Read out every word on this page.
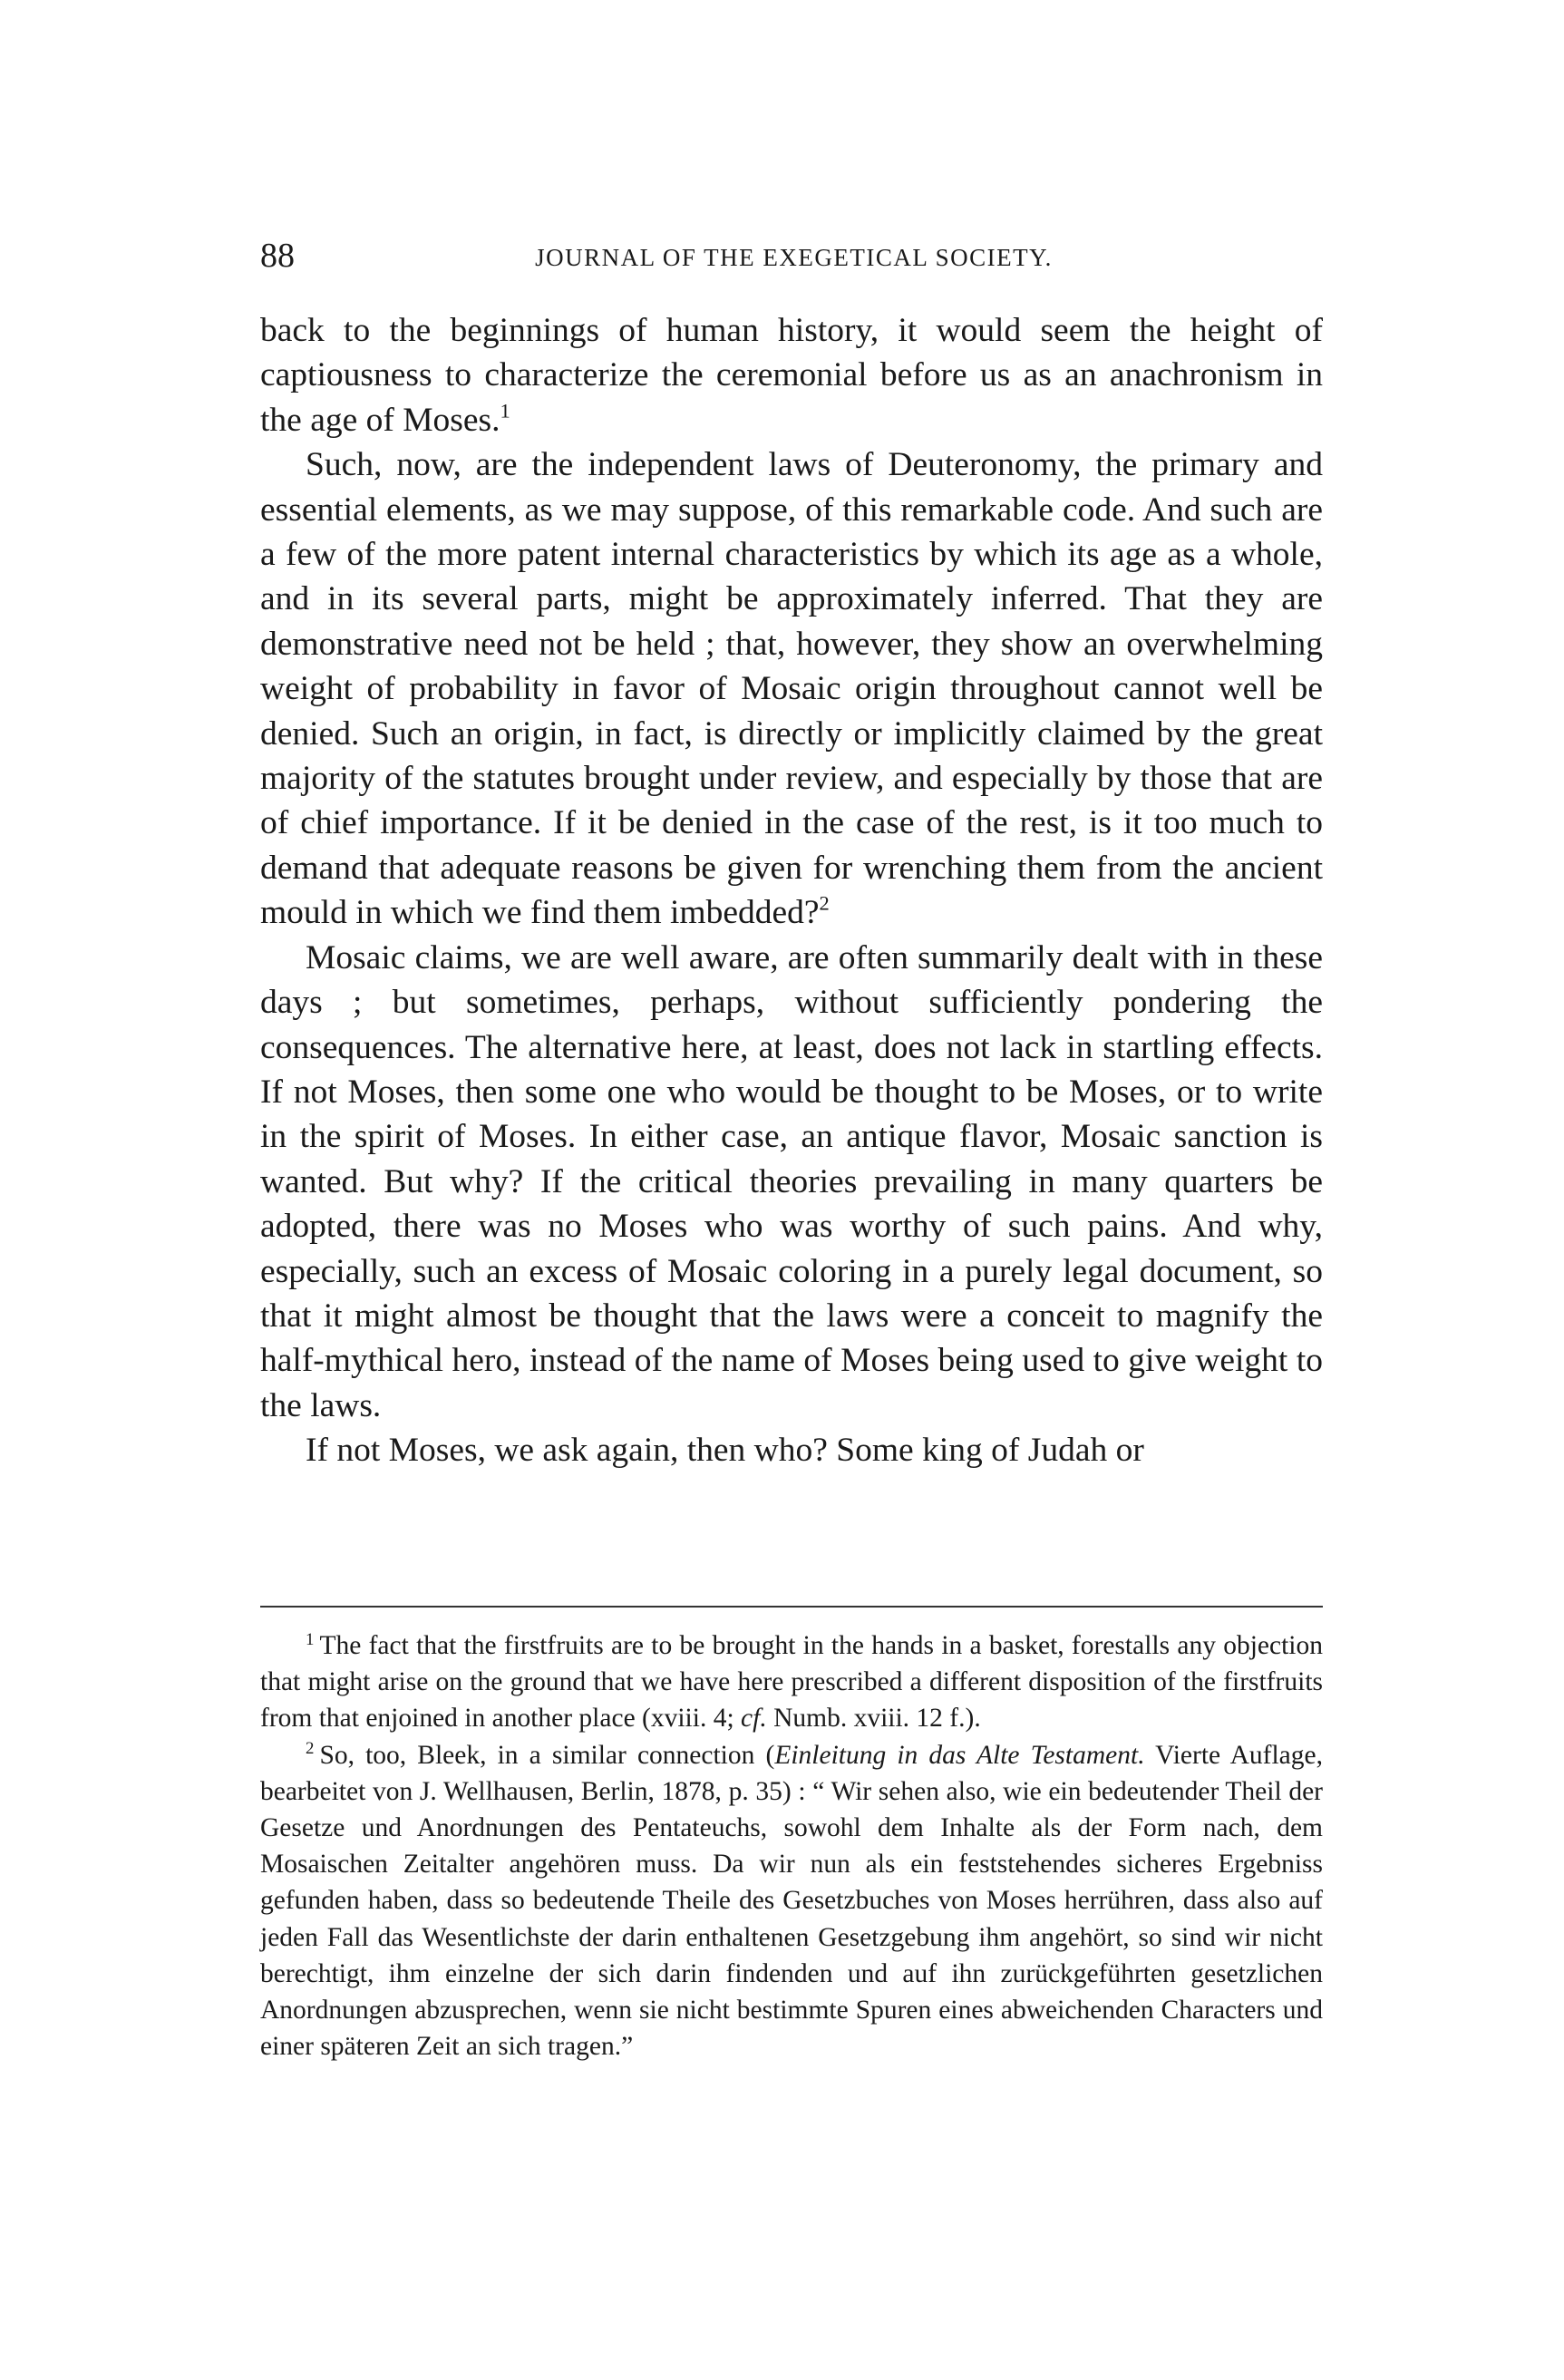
88	JOURNAL OF THE EXEGETICAL SOCIETY.

back to the beginnings of human history, it would seem the height of captiousness to characterize the ceremonial before us as an anachronism in the age of Moses.$^1$

Such, now, are the independent laws of Deuteronomy, the primary and essential elements, as we may suppose, of this remarkable code. And such are a few of the more patent internal characteristics by which its age as a whole, and in its several parts, might be approximately inferred. That they are demonstrative need not be held ; that, however, they show an overwhelming weight of probability in favor of Mosaic origin throughout cannot well be denied. Such an origin, in fact, is directly or implicitly claimed by the great majority of the statutes brought under review, and especially by those that are of chief importance. If it be denied in the case of the rest, is it too much to demand that adequate reasons be given for wrenching them from the ancient mould in which we find them imbedded?$^2$

Mosaic claims, we are well aware, are often summarily dealt with in these days ; but sometimes, perhaps, without sufficiently pondering the consequences. The alternative here, at least, does not lack in startling effects. If not Moses, then some one who would be thought to be Moses, or to write in the spirit of Moses. In either case, an antique flavor, Mosaic sanction is wanted. But why? If the critical theories prevailing in many quarters be adopted, there was no Moses who was worthy of such pains. And why, especially, such an excess of Mosaic coloring in a purely legal document, so that it might almost be thought that the laws were a conceit to magnify the half-mythical hero, instead of the name of Moses being used to give weight to the laws.

If not Moses, we ask again, then who? Some king of Judah or

$^1$ The fact that the firstfruits are to be brought in the hands in a basket, forestalls any objection that might arise on the ground that we have here prescribed a different disposition of the firstfruits from that enjoined in another place (xviii. 4; cf. Numb. xviii. 12 f.).

$^2$ So, too, Bleek, in a similar connection (Einleitung in das Alte Testament. Vierte Auflage, bearbeitet von J. Wellhausen, Berlin, 1878, p. 35) : “ Wir sehen also, wie ein bedeutender Theil der Gesetze und Anordnungen des Pentateuchs, sowohl dem Inhalte als der Form nach, dem Mosaischen Zeitalter angehören muss. Da wir nun als ein feststehendes sicheres Ergebniss gefunden haben, dass so bedeutende Theile des Gesetzbuches von Moses herrühren, dass also auf jeden Fall das Wesentlichste der darin enthaltenen Gesetzgebung ihm angehört, so sind wir nicht berechtigt, ihm einzelne der sich darin findenden und auf ihn zurückgeführten gesetzlichen Anordnungen abzusprechen, wenn sie nicht bestimmte Spuren eines abweichenden Characters und einer späteren Zeit an sich tragen.”
